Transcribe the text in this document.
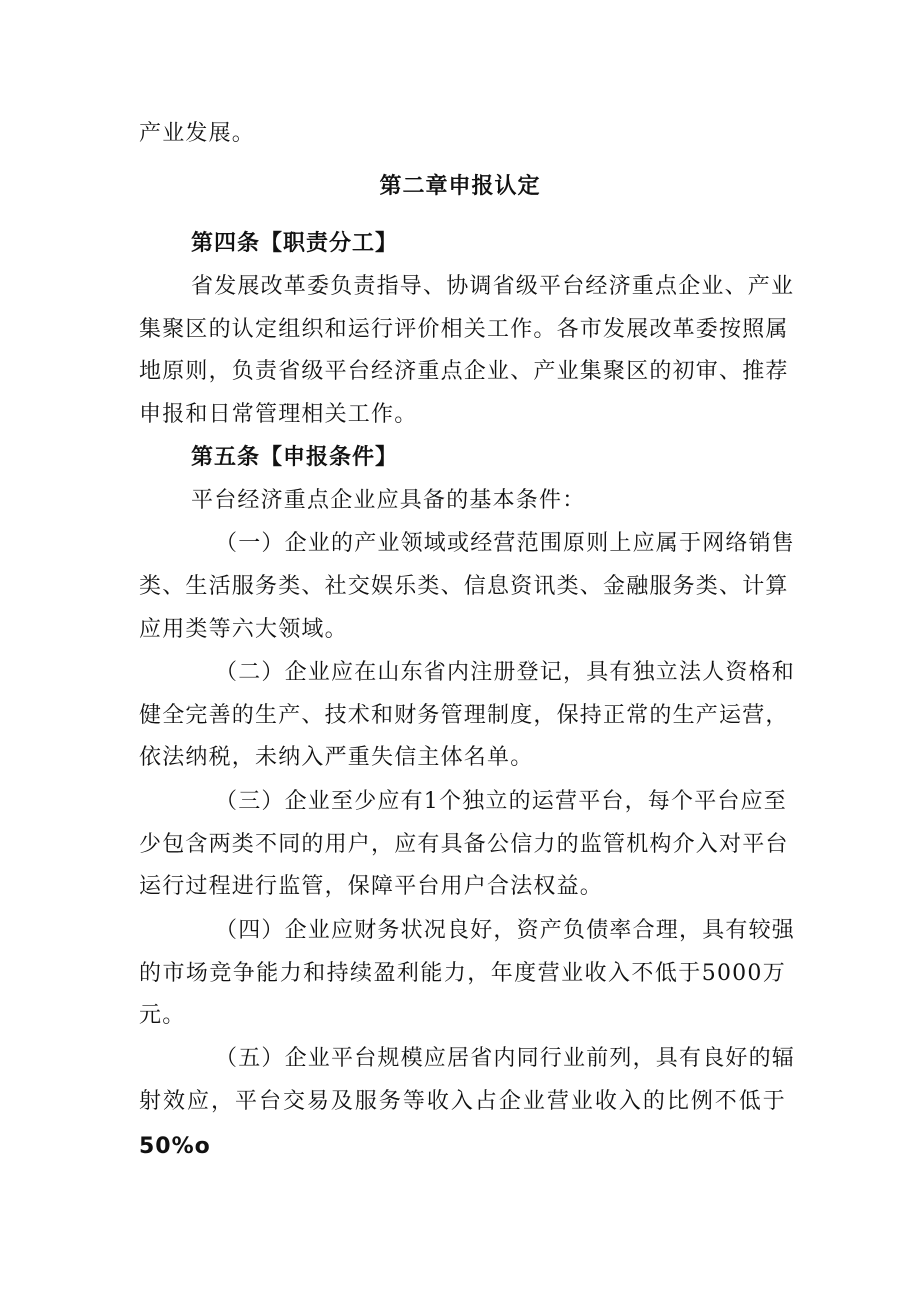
产业发展。
第二章申报认定
第四条【职责分工】
省发展改革委负责指导、协调省级平台经济重点企业、产业
集聚区的认定组织和运行评价相关工作。各市发展改革委按照属
地原则，负责省级平台经济重点企业、产业集聚区的初审、推荐
申报和日常管理相关工作。
第五条【申报条件】
平台经济重点企业应具备的基本条件：
（一）企业的产业领域或经营范围原则上应属于网络销售
类、生活服务类、社交娱乐类、信息资讯类、金融服务类、计算
应用类等六大领域。
（二）企业应在山东省内注册登记，具有独立法人资格和
健全完善的生产、技术和财务管理制度，保持正常的生产运营，
依法纳税，未纳入严重失信主体名单。
（三）企业至少应有1个独立的运营平台，每个平台应至
少包含两类不同的用户，应有具备公信力的监管机构介入对平台
运行过程进行监管，保障平台用户合法权益。
（四）企业应财务状况良好，资产负债率合理，具有较强
的市场竞争能力和持续盈利能力，年度营业收入不低于5000万
元。
（五）企业平台规模应居省内同行业前列，具有良好的辐
射效应，平台交易及服务等收入占企业营业收入的比例不低于
50%o
